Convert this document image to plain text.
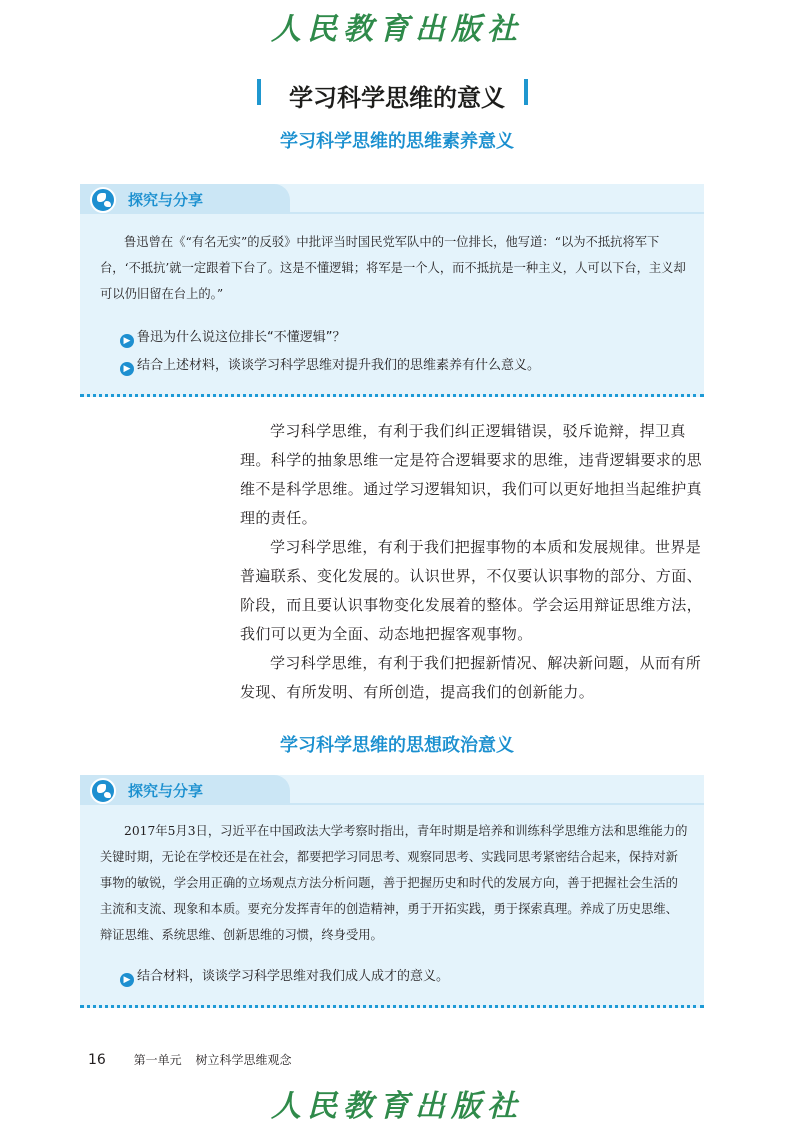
人民教育出版社
学习科学思维的意义
学习科学思维的思维素养意义
探究与分享

鲁迅曾在《“有名无实”的反驳》中批评当时国民党军队中的一位排长，他写道：“以为不抵抗将军下台，‘不抵抗’就一定跟着下台了。这是不懂逻辑；将军是一个人，而不抵抗是一种主义，人可以下台，主义却可以仍旧留在台上的。”

▶ 鲁迅为什么说这位排长“不懂逻辑”？
▶ 结合上述材料，谈谈学习科学思维对提升我们的思维素养有什么意义。

学习科学思维，有利于我们纠正逻辑错误，驳斥诡辩，捍卫真理。科学的抽象思维一定是符合逻辑要求的思维，违背逻辑要求的思维不是科学思维。通过学习逻辑知识，我们可以更好地担当起维护真理的责任。

学习科学思维，有利于我们把握事物的本质和发展规律。世界是普遍联系、变化发展的。认识世界，不仅要认识事物的部分、方面、阶段，而且要认识事物变化发展着的整体。学会运用辩证思维方法，我们可以更为全面、动态地把握客观事物。

学习科学思维，有利于我们把握新情况、解决新问题，从而有所发现、有所发明、有所创造，提高我们的创新能力。

学习科学思维的思想政治意义
探究与分享

2017年5月3日，习近平在中国政法大学考察时指出，青年时期是培养和训练科学思维方法和思维能力的关键时期，无论在学校还是在社会，都要把学习同思考、观察同思考、实践同思考紧密结合起来，保持对新事物的敏锐，学会用正确的立场观点方法分析问题，善于把握历史和时代的发展方向，善于把握社会生活的主流和支流、现象和本质。要充分发挥青年的创造精神，勇于开拓实践，勇于探索真理。养成了历史思维、辩证思维、系统思维、创新思维的习惯，终身受用。

▶ 结合材料，谈谈学习科学思维对我们成人成才的意义。
16 第一单元 树立科学思维观念
人民教育出版社
